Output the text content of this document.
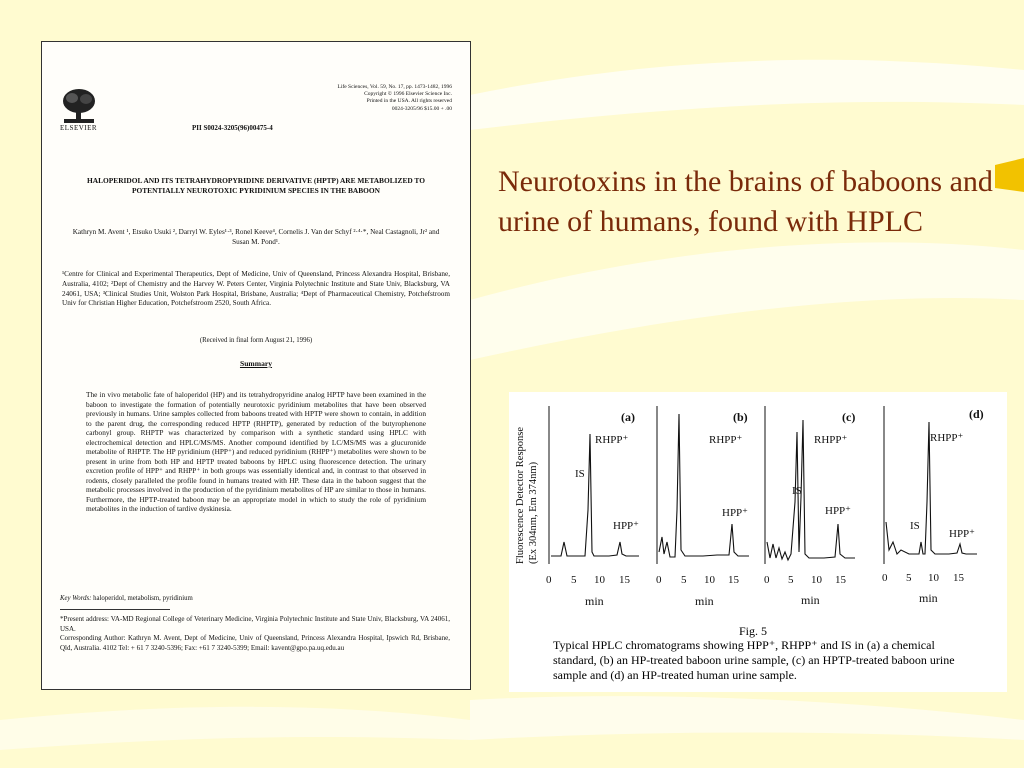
ELSEVIER
Life Sciences, Vol. 59, No. 17, pp. 1473-1482, 1996
Copyright © 1996 Elsevier Science Inc.
Printed in the USA. All rights reserved
0024-3205/96 $15.00 + .00
PII S0024-3205(96)00475-4
HALOPERIDOL AND ITS TETRAHYDROPYRIDINE DERIVATIVE (HPTP) ARE METABOLIZED TO POTENTIALLY NEUROTOXIC PYRIDINIUM SPECIES IN THE BABOON
Kathryn M. Avent ¹, Etsuko Usuki ², Darryl W. Eyles¹·³, Ronel Keeve⁴, Cornelis J. Van der Schyf ²·⁴·*, Neal Castagnoli, Jr² and Susan M. Pond¹.
¹Centre for Clinical and Experimental Therapeutics, Dept of Medicine, Univ of Queensland, Princess Alexandra Hospital, Brisbane, Australia, 4102; ²Dept of Chemistry and the Harvey W. Peters Center, Virginia Polytechnic Institute and State Univ, Blacksburg, VA 24061, USA; ³Clinical Studies Unit, Wolston Park Hospital, Brisbane, Australia; ⁴Dept of Pharmaceutical Chemistry, Potchefstroom Univ for Christian Higher Education, Potchefstroom 2520, South Africa.
(Received in final form August 21, 1996)
Summary
The in vivo metabolic fate of haloperidol (HP) and its tetrahydropyridine analog HPTP have been examined in the baboon to investigate the formation of potentially neurotoxic pyridinium metabolites that have been observed previously in humans. Urine samples collected from baboons treated with HPTP were shown to contain, in addition to the parent drug, the corresponding reduced HPTP (RHPTP), generated by reduction of the butyrophenone carbonyl group. RHPTP was characterized by comparison with a synthetic standard using HPLC with electrochemical detection and HPLC/MS/MS. Another compound identified by LC/MS/MS was a glucuronide metabolite of RHPTP. The HP pyridinium (HPP⁺) and reduced pyridinium (RHPP⁺) metabolites were shown to be present in urine from both HP and HPTP treated baboons by HPLC using fluorescence detection. The urinary excretion profile of HPP⁺ and RHPP⁺ in both groups was essentially identical and, in contrast to that observed in rodents, closely paralleled the profile found in humans treated with HP. These data in the baboon suggest that the metabolic processes involved in the production of the pyridinium metabolites of HP are similar to those in humans. Furthermore, the HPTP-treated baboon may be an appropriate model in which to study the role of pyridinium metabolites in the induction of tardive dyskinesia.
Key Words: haloperidol, metabolism, pyridinium
*Present address: VA-MD Regional College of Veterinary Medicine, Virginia Polytechnic Institute and State Univ, Blacksburg, VA 24061, USA.
Corresponding Author: Kathryn M. Avent, Dept of Medicine, Univ of Queensland, Princess Alexandra Hospital, Ipswich Rd, Brisbane, Qld, Australia. 4102 Tel: + 61 7 3240-5396; Fax: +61 7 3240-5399; Email: kavent@gpo.pa.uq.edu.au
Neurotoxins in the brains of baboons and urine of humans, found with HPLC
Fluorescence Detector Response (Ex 304nm, Em 374nm)
(a)
RHPP⁺
IS
HPP⁺
(b)
RHPP⁺
HPP⁺
(c)
RHPP⁺
IS
HPP⁺
(d)
RHPP⁺
IS
HPP⁺
0 5 10 15 0 5 10 15 0 5 10 15	0 5 10 15
min	min	min	min
Fig. 5
Typical HPLC chromatograms showing HPP⁺, RHPP⁺ and IS in (a) a chemical standard, (b) an HP-treated baboon urine sample, (c) an HPTP-treated baboon urine sample and (d) an HP-treated human urine sample.
